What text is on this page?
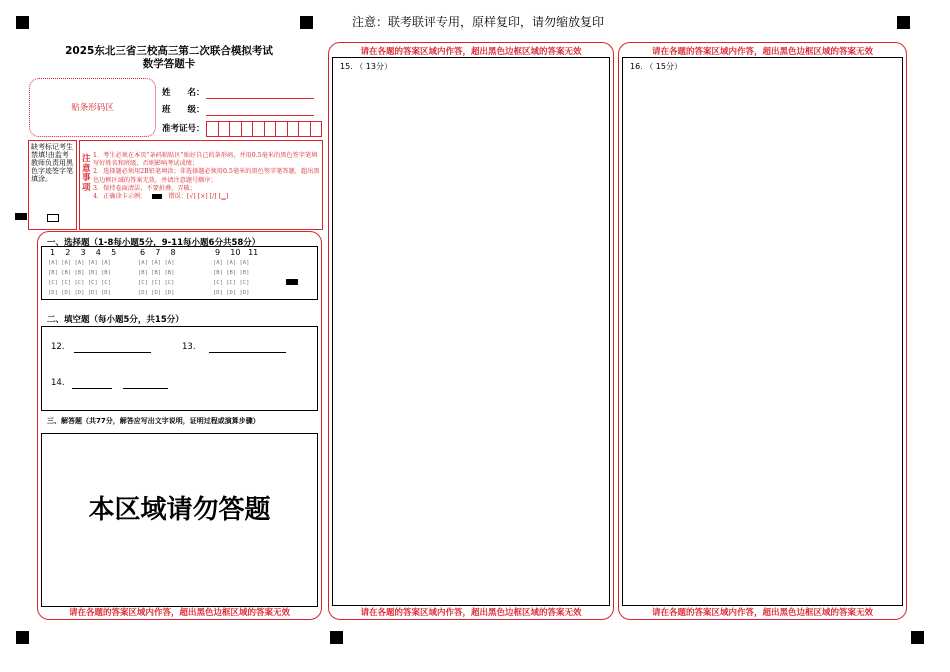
注意：联考联评专用，原样复印，请勿缩放复印
2025东北三省三校高三第二次联合模拟考试
数学答题卡
贴条形码区
姓　　名：
班　　级：
准考证号：
缺考标记考生禁填!由监考教师负责用黑色字迹签字笔填涂。
注意事项
1．考生必须在本页“条码粘贴区”贴好自己的条形码，并用0.5毫米的黑色签字笔填写好姓名和班级，否则影响考试成绩；
2．选择题必须用2B铅笔填涂；非选择题必须用0.5毫米的黑色签字笔答题，超出黑色边框区域的答案无效，并请注意题号顺序；
3．保持卷面清洁，不要折叠，弄破；
4．正确涂卡示例：	错误：[√] [×] [/] [▁]
一、选择题（1-8每小题5分，9-11每小题6分共58分）
1 2 3 4 5	6 7 8	9 10 11
[A] [A] [A] [A] [A]
[B] [B] [B] [B] [B]
[C] [C] [C] [C] [C]
[D] [D] [D] [D] [D]
[A] [A] [A]
[B] [B] [B]
[C] [C] [C]
[D] [D] [D]
[A] [A] [A]
[B] [B] [B]
[C] [C] [C]
[D] [D] [D]
二、填空题（每小题5分，共15分）
12.	13.
14.
三、解答题（共77分，解答应写出文字说明，证明过程或演算步骤）
本区域请勿答题
请在各题的答案区域内作答，超出黑色边框区域的答案无效
请在各题的答案区域内作答，超出黑色边框区域的答案无效
15. （ 13分）
请在各题的答案区域内作答，超出黑色边框区域的答案无效
请在各题的答案区域内作答，超出黑色边框区域的答案无效
16. （ 15分）
请在各题的答案区域内作答，超出黑色边框区域的答案无效
